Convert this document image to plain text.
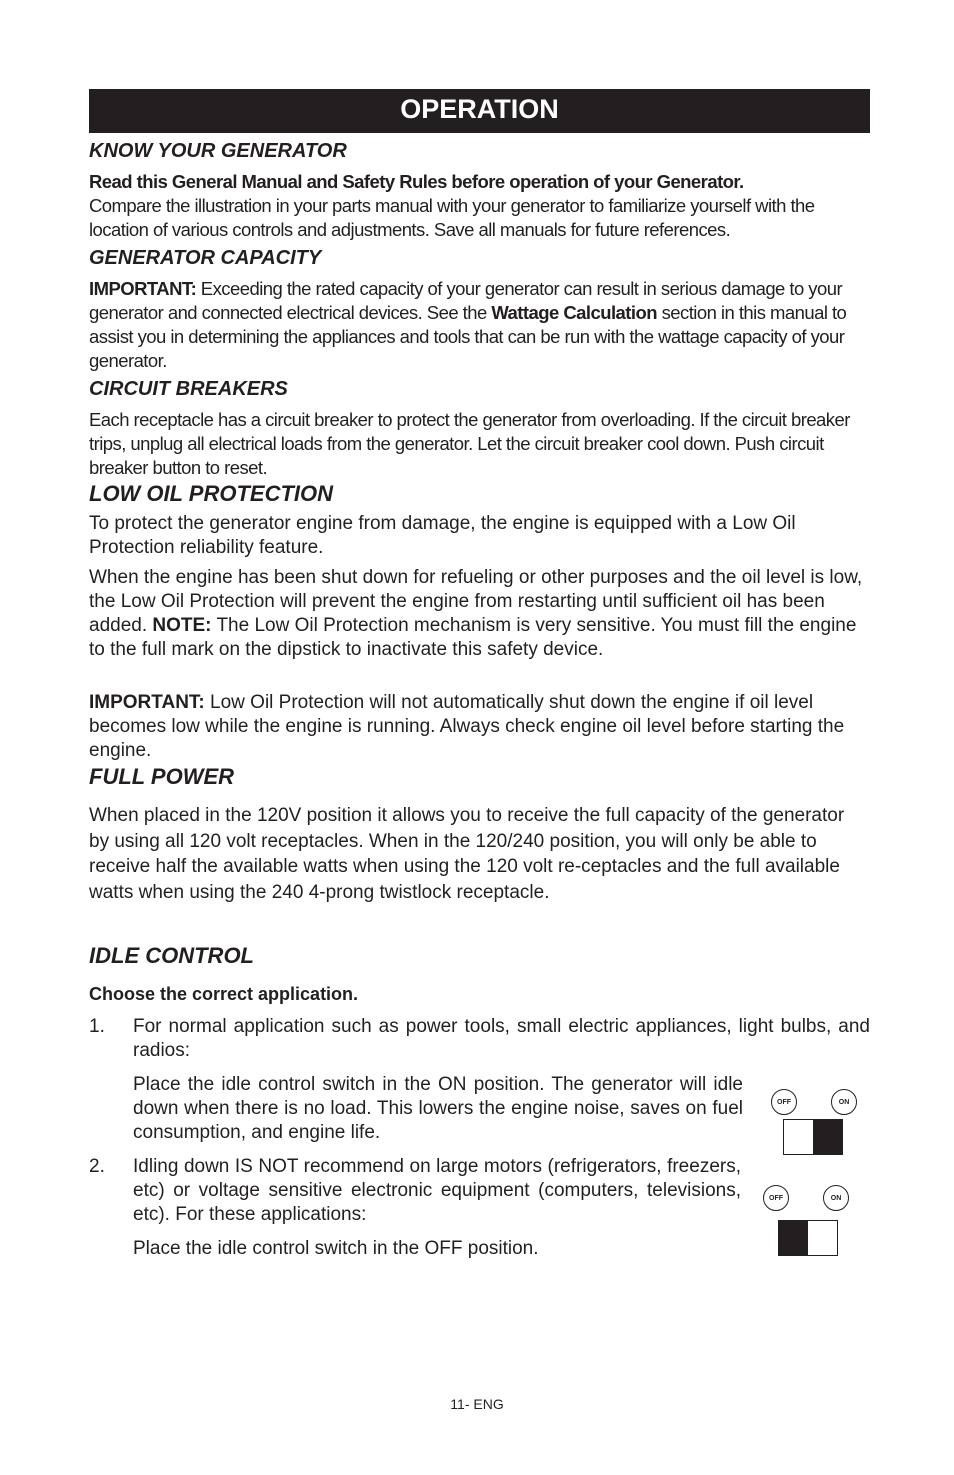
OPERATION
KNOW YOUR GENERATOR
Read this General Manual and Safety Rules before operation of your Generator.
Compare the illustration in your parts manual with your generator to familiarize yourself with the location of various controls and adjustments. Save all manuals for future references.
GENERATOR CAPACITY
IMPORTANT: Exceeding the rated capacity of your generator can result in serious damage to your generator and connected electrical devices. See the Wattage Calculation section in this manual to assist you in determining the appliances and tools that can be run with the wattage capacity of your generator.
CIRCUIT BREAKERS
Each receptacle has a circuit breaker to protect the generator from overloading. If the circuit breaker trips, unplug all electrical loads from the generator. Let the circuit breaker cool down. Push circuit breaker button to reset.
LOW OIL PROTECTION
To protect the generator engine from damage, the engine is equipped with a Low Oil Protection reliability feature.
When the engine has been shut down for refueling or other purposes and the oil level is low, the Low Oil Protection will prevent the engine from restarting until sufficient oil has been added. NOTE: The Low Oil Protection mechanism is very sensitive. You must fill the engine to the full mark on the dipstick to inactivate this safety device.
IMPORTANT: Low Oil Protection will not automatically shut down the engine if oil level becomes low while the engine is running. Always check engine oil level before starting the engine.
FULL POWER
When placed in the 120V position it allows you to receive the full capacity of the generator by using all 120 volt receptacles. When in the 120/240 position, you will only be able to receive half the available watts when using the 120 volt re-ceptacles and the full available watts when using the 240 4-prong twistlock receptacle.
IDLE CONTROL
Choose the correct application.
1. For normal application such as power tools, small electric appliances, light bulbs, and radios:
Place the idle control switch in the ON position. The generator will idle down when there is no load. This lowers the engine noise, saves on fuel consumption, and engine life.
2. Idling down IS NOT recommend on large motors (refrigerators, freezers, etc) or voltage sensitive electronic equipment (computers, televisions, etc). For these applications:
Place the idle control switch in the OFF position.
OFF	ON
OFF	ON
11- ENG
